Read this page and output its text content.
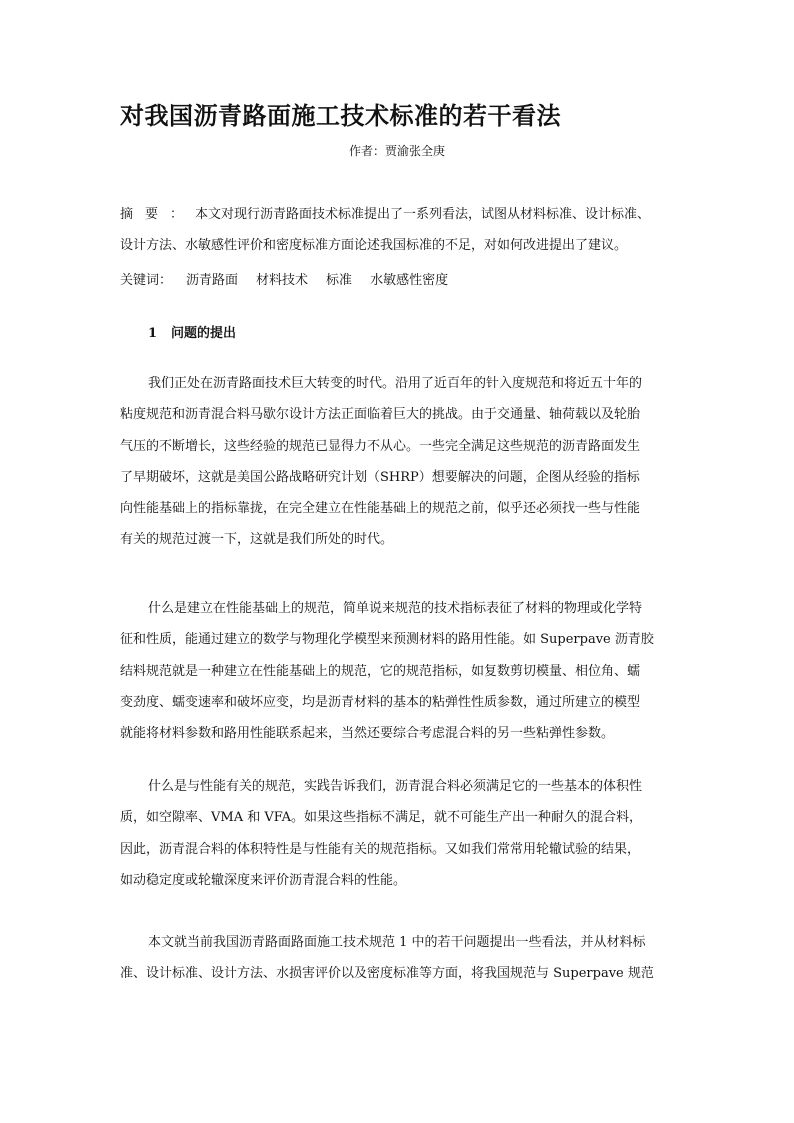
对我国沥青路面施工技术标准的若干看法
作者：贾渝张全庚
摘要：本文对现行沥青路面技术标准提出了一系列看法，试图从材料标准、设计标准、
设计方法、水敏感性评价和密度标准方面论述我国标准的不足，对如何改进提出了建议。
关键词： 沥青路面 材料技术 标准 水敏感性密度
1 问题的提出
我们正处在沥青路面技术巨大转变的时代。沿用了近百年的针入度规范和将近五十年的
粘度规范和沥青混合料马歇尔设计方法正面临着巨大的挑战。由于交通量、轴荷载以及轮胎
气压的不断增长，这些经验的规范已显得力不从心。一些完全满足这些规范的沥青路面发生
了早期破坏，这就是美国公路战略研究计划（SHRP）想要解决的问题，企图从经验的指标
向性能基础上的指标靠拢，在完全建立在性能基础上的规范之前，似乎还必须找一些与性能
有关的规范过渡一下，这就是我们所处的时代。
什么是建立在性能基础上的规范，简单说来规范的技术指标表征了材料的物理或化学特
征和性质，能通过建立的数学与物理化学模型来预测材料的路用性能。如 Superpave 沥青胶
结料规范就是一种建立在性能基础上的规范，它的规范指标，如复数剪切模量、相位角、蠕
变劲度、蠕变速率和破坏应变，均是沥青材料的基本的粘弹性性质参数，通过所建立的模型
就能将材料参数和路用性能联系起来，当然还要综合考虑混合料的另一些粘弹性参数。
什么是与性能有关的规范，实践告诉我们，沥青混合料必须满足它的一些基本的体积性
质，如空隙率、VMA 和 VFA。如果这些指标不满足，就不可能生产出一种耐久的混合料，
因此，沥青混合料的体积特性是与性能有关的规范指标。又如我们常常用轮辙试验的结果，
如动稳定度或轮辙深度来评价沥青混合料的性能。
本文就当前我国沥青路面路面施工技术规范 1 中的若干问题提出一些看法，并从材料标
准、设计标准、设计方法、水损害评价以及密度标准等方面，将我国规范与 Superpave 规范
